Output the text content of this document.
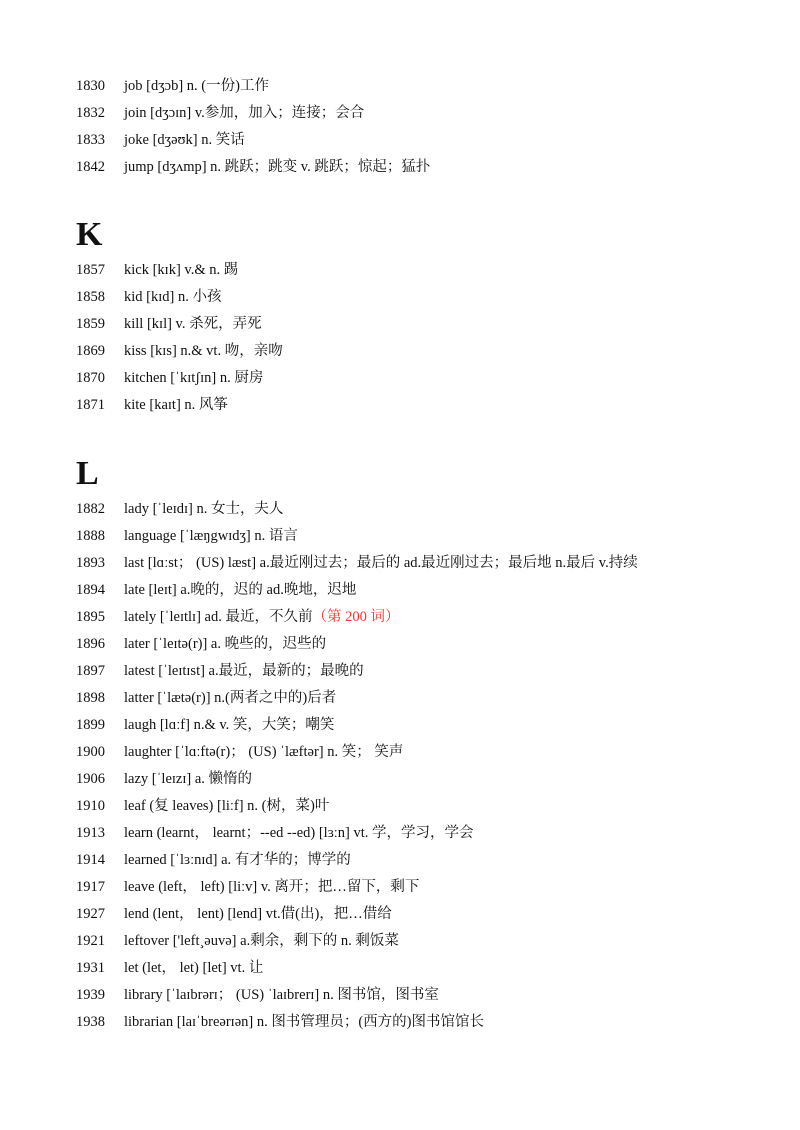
1830 job [dʒɔb] n. (一份)工作
1832 join [dʒɔɪn] v.参加，加入；连接；会合
1833 joke [dʒəʊk] n. 笑话
1842 jump [dʒʌmp] n. 跳跃；跳变 v. 跳跃；惊起；猛扑
K
1857 kick [kɪk] v.& n. 踢
1858 kid [kɪd] n. 小孩
1859 kill [kɪl] v. 杀死，弄死
1869 kiss [kɪs] n.& vt. 吻，亲吻
1870 kitchen [ˈkɪtʃɪn] n. 厨房
1871 kite [kaɪt] n. 风筝
L
1882 lady [ˈleɪdɪ] n. 女士，夫人
1888 language [ˈlæŋgwɪdʒ] n. 语言
1893 last [lɑːst； (US) læst] a.最近刚过去；最后的 ad.最近刚过去；最后地 n.最后 v.持续
1894 late [leɪt] a.晚的，迟的 ad.晚地，迟地
1895 lately [ˈleɪtlɪ] ad. 最近，不久前（第 200 词）
1896 later [ˈleɪtə(r)] a. 晚些的，迟些的
1897 latest [ˈleɪtɪst] a.最近，最新的；最晚的
1898 latter [ˈlætə(r)] n.(两者之中的)后者
1899 laugh [lɑːf] n.& v. 笑，大笑；嘲笑
1900 laughter [ˈlɑːftə(r)； (US) ˈlæftər] n. 笑； 笑声
1906 lazy [ˈleɪzɪ] a. 懒惰的
1910 leaf (复 leaves) [liːf] n. (树，菜)叶
1913 learn (learnt， learnt；--ed --ed) [lɜːn] vt. 学，学习，学会
1914 learned [ˈlɜːnɪd] a. 有才华的；博学的
1917 leave (left， left) [liːv] v. 离开；把…留下，剩下
1927 lend (lent， lent) [lend] vt.借(出)，把…借给
1921 leftover ['left¸əuvə] a.剩余，剩下的 n. 剩饭菜
1931 let (let， let) [let] vt. 让
1939 library [ˈlaɪbrərɪ； (US) ˈlaɪbrerɪ] n. 图书馆，图书室
1938 librarian [laɪˈbreərɪən] n. 图书管理员；(西方的)图书馆馆长
